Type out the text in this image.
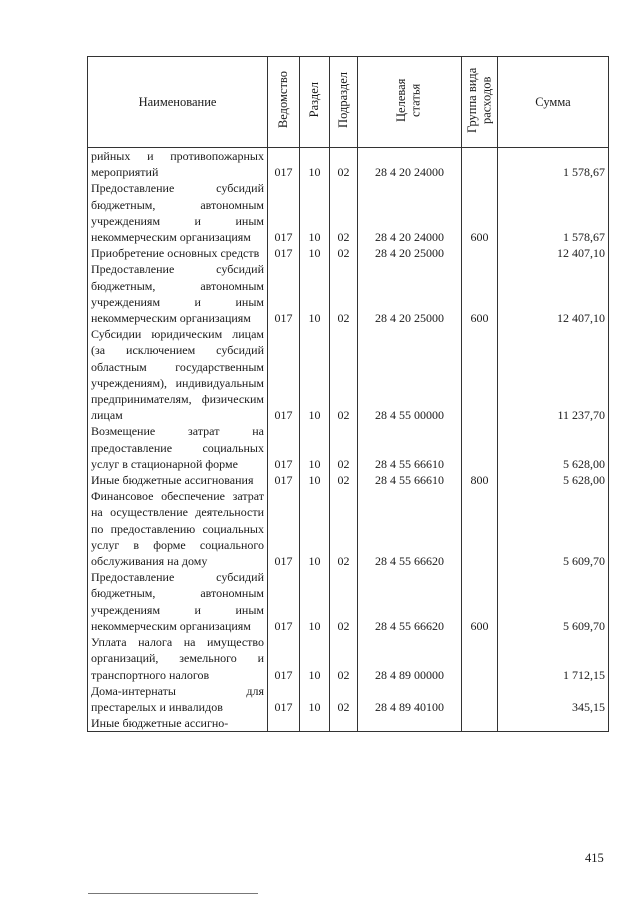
Наименование	Ведомство	Раздел	Подраздел	Целевая статья	Группа вида расходов	Сумма
рийных и противопожарных мероприятий	017	10	02	28 4 20 24000		1 578,67
Предоставление субсидий бюджетным, автономным учреждениям и иным некоммерческим организациям	017	10	02	28 4 20 24000	600	1 578,67
Приобретение основных средств	017	10	02	28 4 20 25000		12 407,10
Предоставление субсидий бюджетным, автономным учреждениям и иным некоммерческим организациям	017	10	02	28 4 20 25000	600	12 407,10
Субсидии юридическим лицам (за исключением субсидий областным государственным учреждениям), индивидуальным предпринимателям, физическим лицам	017	10	02	28 4 55 00000		11 237,70
Возмещение затрат на предоставление социальных услуг в стационарной форме	017	10	02	28 4 55 66610		5 628,00
Иные бюджетные ассигнования	017	10	02	28 4 55 66610	800	5 628,00
Финансовое обеспечение затрат на осуществление деятельности по предоставлению социальных услуг в форме социального обслуживания на дому	017	10	02	28 4 55 66620		5 609,70
Предоставление субсидий бюджетным, автономным учреждениям и иным некоммерческим организациям	017	10	02	28 4 55 66620	600	5 609,70
Уплата налога на имущество организаций, земельного и транспортного налогов	017	10	02	28 4 89 00000		1 712,15
Дома-интернаты для престарелых и инвалидов	017	10	02	28 4 89 40100		345,15
Иные бюджетные ассигно-						
415
